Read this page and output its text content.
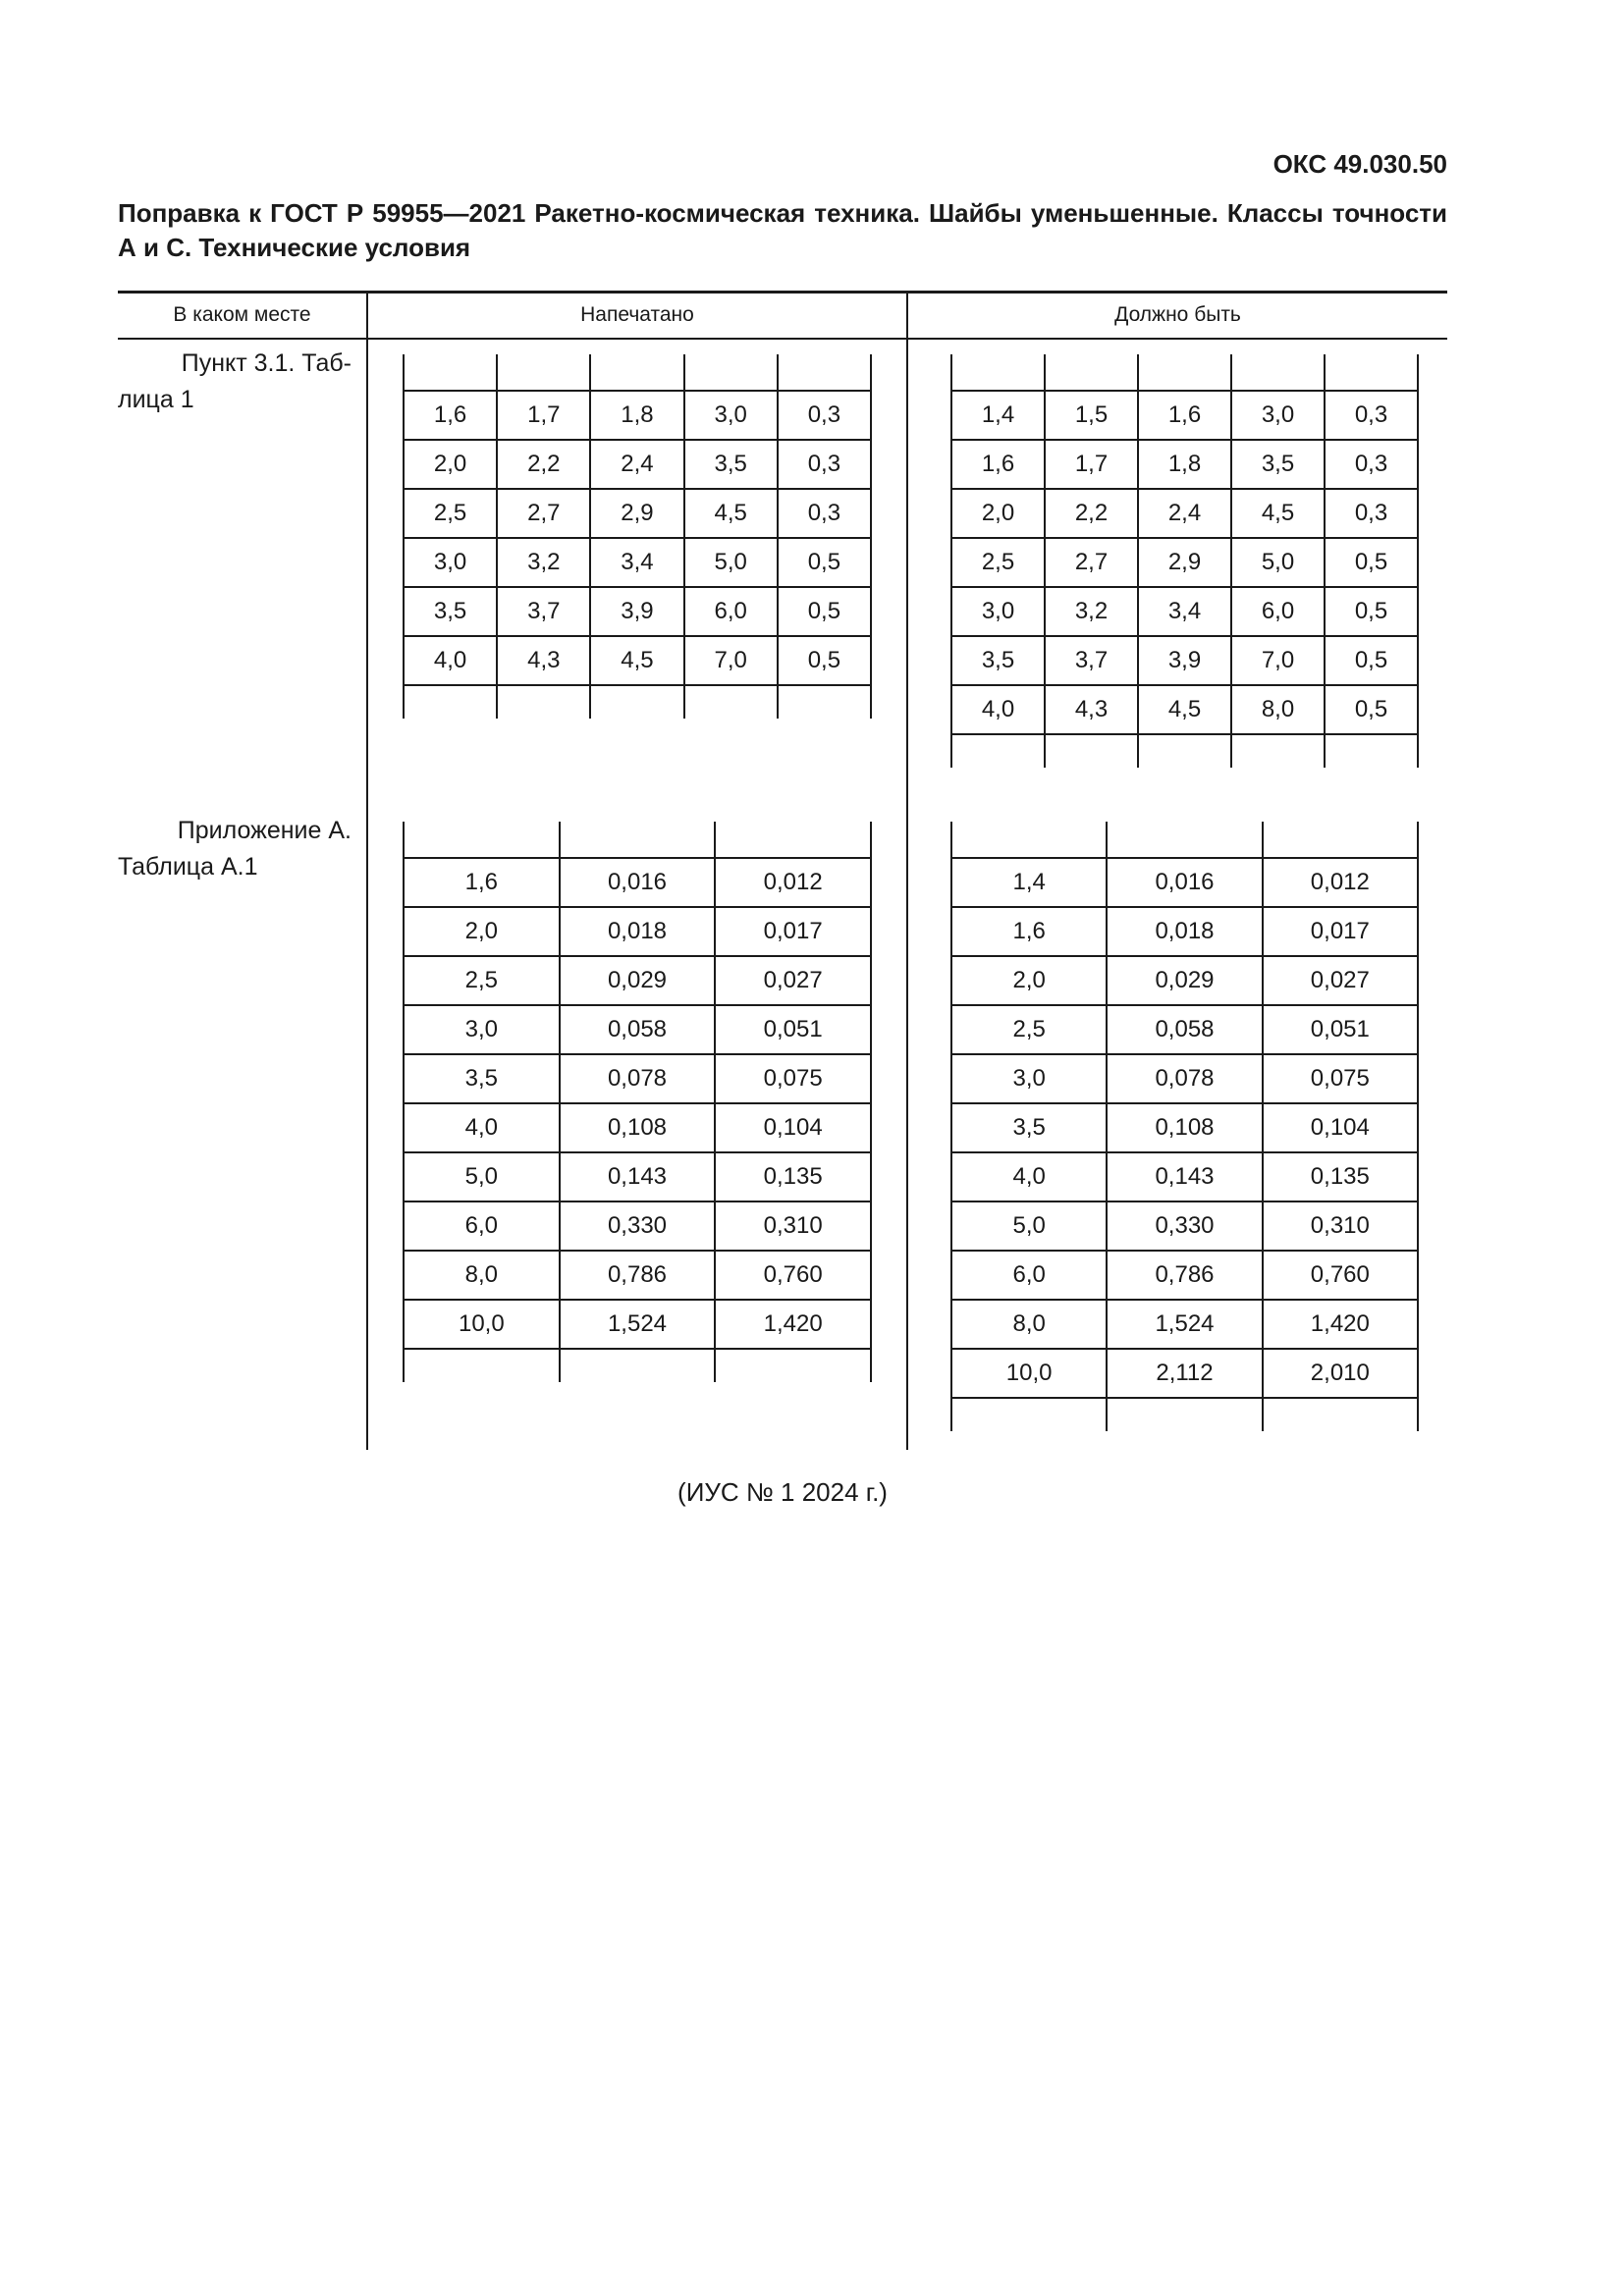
ОКС 49.030.50
Поправка к ГОСТ Р 59955—2021 Ракетно-космическая техника. Шайбы уменьшенные. Классы точности А и С. Технические условия
В каком месте	Напечатано	Должно быть
Пункт 3.1. Таб-
лица 1

1,6	1,7	1,8	3,0	0,3
2,0	2,2	2,4	3,5	0,3
2,5	2,7	2,9	4,5	0,3
3,0	3,2	3,4	5,0	0,5
3,5	3,7	3,9	6,0	0,5
4,0	4,3	4,5	7,0	0,5

1,4	1,5	1,6	3,0	0,3
1,6	1,7	1,8	3,5	0,3
2,0	2,2	2,4	4,5	0,3
2,5	2,7	2,9	5,0	0,5
3,0	3,2	3,4	6,0	0,5
3,5	3,7	3,9	7,0	0,5
4,0	4,3	4,5	8,0	0,5

Приложение А.
Таблица А.1

1,6	0,016	0,012
2,0	0,018	0,017
2,5	0,029	0,027
3,0	0,058	0,051
3,5	0,078	0,075
4,0	0,108	0,104
5,0	0,143	0,135
6,0	0,330	0,310
8,0	0,786	0,760
10,0	1,524	1,420

1,4	0,016	0,012
1,6	0,018	0,017
2,0	0,029	0,027
2,5	0,058	0,051
3,0	0,078	0,075
3,5	0,108	0,104
4,0	0,143	0,135
5,0	0,330	0,310
6,0	0,786	0,760
8,0	1,524	1,420
10,0	2,112	2,010

(ИУС № 1 2024 г.)
